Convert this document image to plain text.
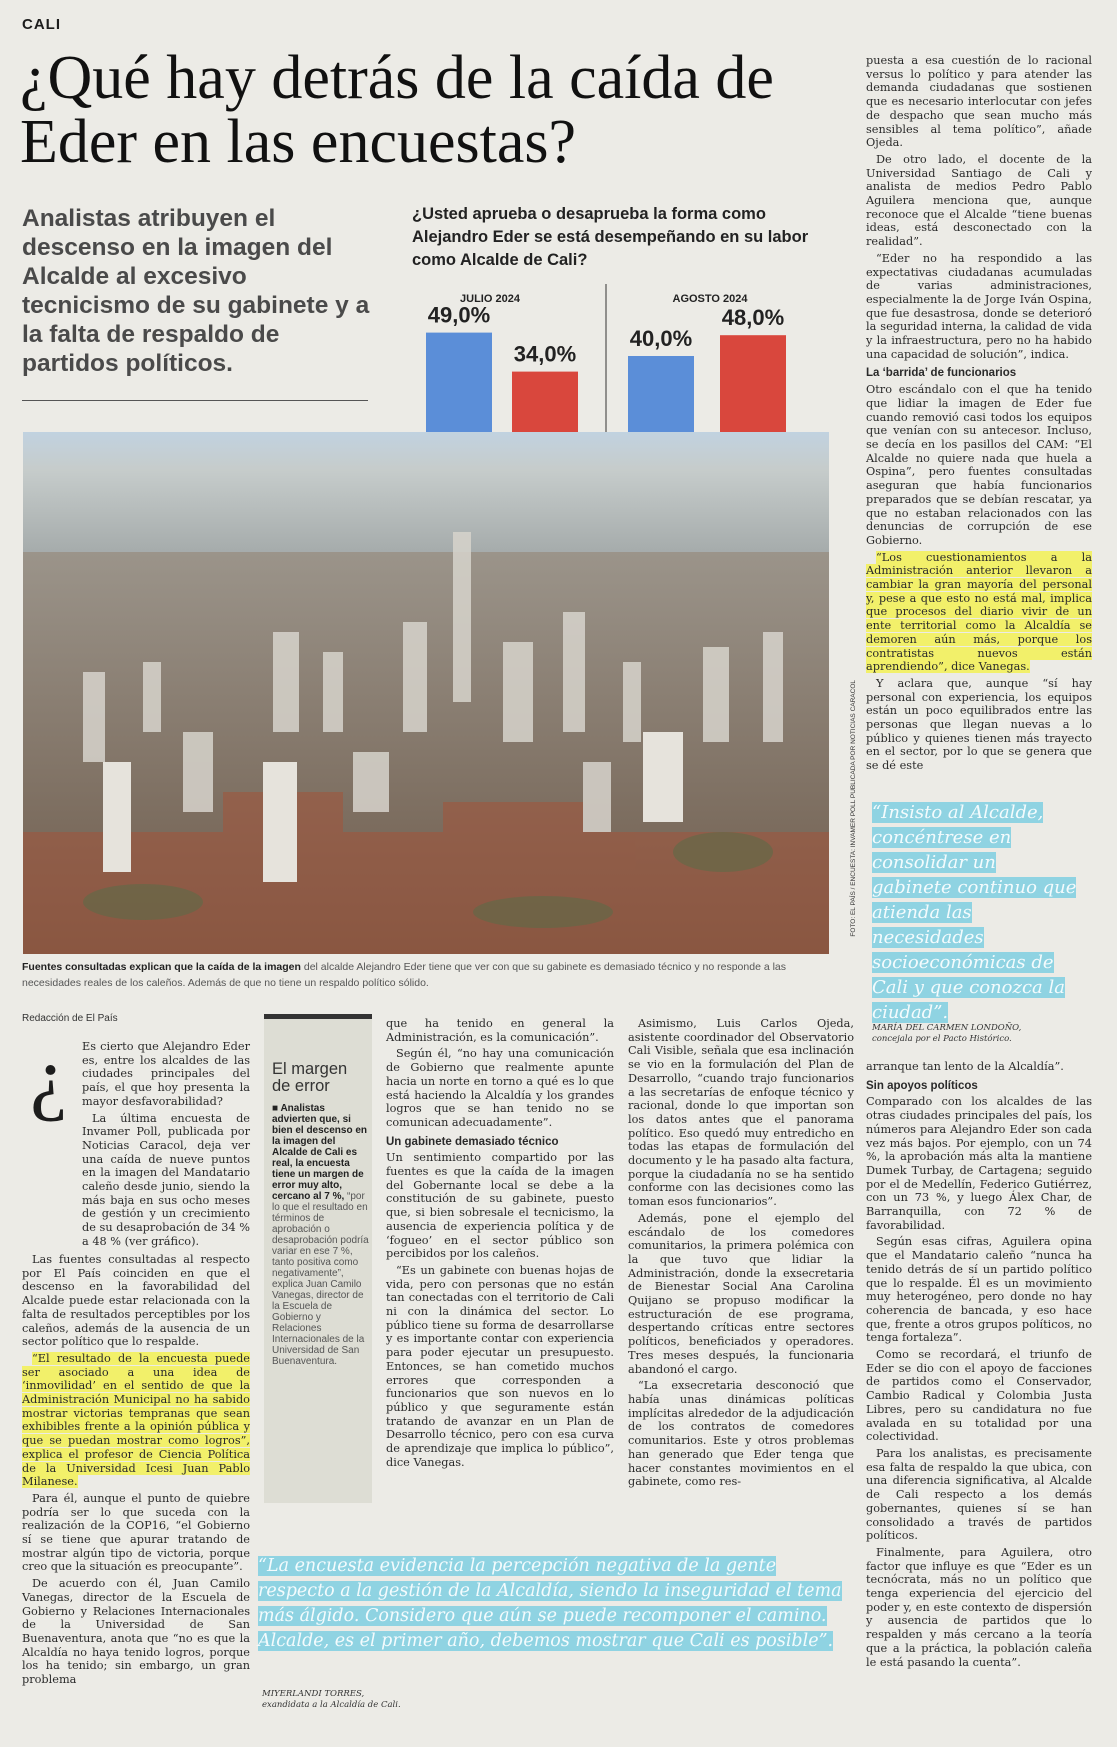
CALI
¿Qué hay detrás de la caída de Eder en las encuestas?
Analistas atribuyen el descenso en la imagen del Alcalde al excesivo tecnicismo de su gabinete y a la falta de respaldo de partidos políticos.
¿Usted aprueba o desaprueba la forma como Alejandro Eder se está desempeñando en su labor como Alcalde de Cali?
JULIO 2024	AGOSTO 2024
49,0%
34,0%
40,0%
48,0%
FOTO: EL PAÍS / ENCUESTA: INVAMER POLL PUBLICADA POR NOTICIAS CARACOL
Fuentes consultadas explican que la caída de la imagen del alcalde Alejandro Eder tiene que ver con que su gabinete es demasiado técnico y no responde a las necesidades reales de los caleños. Además de que no tiene un respaldo político sólido.
Redacción de El País
¿ Es cierto que Alejandro Eder es, entre los alcaldes de las ciudades principales del país, el que hoy presenta la mayor desfavorabilidad?

La última encuesta de Invamer Poll, publicada por Noticias Caracol, deja ver una caída de nueve puntos en la imagen del Mandatario caleño desde junio, siendo la más baja en sus ocho meses de gestión y un crecimiento de su desaprobación de 34 % a 48 % (ver gráfico).

Las fuentes consultadas al respecto por El País coinciden en que el descenso en la favorabilidad del Alcalde puede estar relacionada con la falta de resultados perceptibles por los caleños, además de la ausencia de un sector político que lo respalde.

“El resultado de la encuesta puede ser asociado a una idea de ‘inmovilidad’ en el sentido de que la Administración Municipal no ha sabido mostrar victorias tempranas que sean exhibibles frente a la opinión pública y que se puedan mostrar como logros”, explica el profesor de Ciencia Política de la Universidad Icesi Juan Pablo Milanese.

Para él, aunque el punto de quiebre podría ser lo que suceda con la realización de la COP16, “el Gobierno sí se tiene que apurar tratando de mostrar algún tipo de victoria, porque creo que la situación es preocupante”.

De acuerdo con él, Juan Camilo Vanegas, director de la Escuela de Gobierno y Relaciones Internacionales de la Universidad de San Buenaventura, anota que “no es que la Alcaldía no haya tenido logros, porque los ha tenido; sin embargo, un gran problema

El margen de error
■ Analistas advierten que, si bien el descenso en la imagen del Alcalde de Cali es real, la encuesta tiene un margen de error muy alto, cercano al 7 %, “por lo que el resultado en términos de aprobación o desaprobación podría variar en ese 7 %, tanto positiva como negativamente”, explica Juan Camilo Vanegas, director de la Escuela de Gobierno y Relaciones Internacionales de la Universidad de San Buenaventura.

que ha tenido en general la Administración, es la comunicación”.

Según él, “no hay una comunicación de Gobierno que realmente apunte hacia un norte en torno a qué es lo que está haciendo la Alcaldía y los grandes logros que se han tenido no se comunican adecuadamente”.

Un gabinete demasiado técnico

Un sentimiento compartido por las fuentes es que la caída de la imagen del Gobernante local se debe a la constitución de su gabinete, puesto que, si bien sobresale el tecnicismo, la ausencia de experiencia política y de ‘fogueo’ en el sector público son percibidos por los caleños.

“Es un gabinete con buenas hojas de vida, pero con personas que no están tan conectadas con el territorio de Cali ni con la dinámica del sector. Lo público tiene su forma de desarrollarse y es importante contar con experiencia para poder ejecutar un presupuesto. Entonces, se han cometido muchos errores que corresponden a funcionarios que son nuevos en lo público y que seguramente están tratando de avanzar en un Plan de Desarrollo técnico, pero con esa curva de aprendizaje que implica lo público”, dice Vanegas.

Asimismo, Luis Carlos Ojeda, asistente coordinador del Observatorio Cali Visible, señala que esa inclinación se vio en la formulación del Plan de Desarrollo, “cuando trajo funcionarios a las secretarías de enfoque técnico y racional, donde lo que importan son los datos antes que el panorama político. Eso quedó muy entredicho en todas las etapas de formulación del documento y le ha pasado alta factura, porque la ciudadanía no se ha sentido conforme con las decisiones como las toman esos funcionarios”.

Además, pone el ejemplo del escándalo de los comedores comunitarios, la primera polémica con la que tuvo que lidiar la Administración, donde la exsecretaria de Bienestar Social Ana Carolina Quijano se propuso modificar la estructuración de ese programa, despertando críticas entre sectores políticos, beneficiados y operadores. Tres meses después, la funcionaria abandonó el cargo.

“La exsecretaria desconoció que había unas dinámicas políticas implícitas alrededor de la adjudicación de los contratos de comedores comunitarios. Este y otros problemas han generado que Eder tenga que hacer constantes movimientos en el gabinete, como res-

puesta a esa cuestión de lo racional versus lo político y para atender las demanda ciudadanas que sostienen que es necesario interlocutar con jefes de despacho que sean mucho más sensibles al tema político”, añade Ojeda.

De otro lado, el docente de la Universidad Santiago de Cali y analista de medios Pedro Pablo Aguilera menciona que, aunque reconoce que el Alcalde “tiene buenas ideas, está desconectado con la realidad”.

“Eder no ha respondido a las expectativas ciudadanas acumuladas de varias administraciones, especialmente la de Jorge Iván Ospina, que fue desastrosa, donde se deterioró la seguridad interna, la calidad de vida y la infraestructura, pero no ha habido una capacidad de solución”, indica.

La ‘barrida’ de funcionarios

Otro escándalo con el que ha tenido que lidiar la imagen de Eder fue cuando removió casi todos los equipos que venían con su antecesor. Incluso, se decía en los pasillos del CAM: “El Alcalde no quiere nada que huela a Ospina”, pero fuentes consultadas aseguran que había funcionarios preparados que se debían rescatar, ya que no estaban relacionados con las denuncias de corrupción de ese Gobierno.

“Los cuestionamientos a la Administración anterior llevaron a cambiar la gran mayoría del personal y, pese a que esto no está mal, implica que procesos del diario vivir de un ente territorial como la Alcaldía se demoren aún más, porque los contratistas nuevos están aprendiendo”, dice Vanegas.

Y aclara que, aunque “sí hay personal con experiencia, los equipos están un poco equilibrados entre las personas que llegan nuevas a lo público y quienes tienen más trayecto en el sector, por lo que se genera que se dé este

“Insisto al Alcalde, concéntrese en consolidar un gabinete continuo que atienda las necesidades socioeconómicas de Cali y que conozca la ciudad”.
MARÍA DEL CARMEN LONDOÑO,
concejala por el Pacto Histórico.

arranque tan lento de la Alcaldía”.

Sin apoyos políticos

Comparado con los alcaldes de las otras ciudades principales del país, los números para Alejandro Eder son cada vez más bajos. Por ejemplo, con un 74 %, la aprobación más alta la mantiene Dumek Turbay, de Cartagena; seguido por el de Medellín, Federico Gutiérrez, con un 73 %, y luego Álex Char, de Barranquilla, con 72 % de favorabilidad.

Según esas cifras, Aguilera opina que el Mandatario caleño “nunca ha tenido detrás de sí un partido político que lo respalde. Él es un movimiento muy heterogéneo, pero donde no hay coherencia de bancada, y eso hace que, frente a otros grupos políticos, no tenga fortaleza”.

Como se recordará, el triunfo de Eder se dio con el apoyo de facciones de partidos como el Conservador, Cambio Radical y Colombia Justa Libres, pero su candidatura no fue avalada en su totalidad por una colectividad.

Para los analistas, es precisamente esa falta de respaldo la que ubica, con una diferencia significativa, al Alcalde de Cali respecto a los demás gobernantes, quienes sí se han consolidado a través de partidos políticos.

Finalmente, para Aguilera, otro factor que influye es que “Eder es un tecnócrata, más no un político que tenga experiencia del ejercicio del poder y, en este contexto de dispersión y ausencia de partidos que lo respalden y más cercano a la teoría que a la práctica, la población caleña le está pasando la cuenta”.

“La encuesta evidencia la percepción negativa de la gente respecto a la gestión de la Alcaldía, siendo la inseguridad el tema más álgido. Considero que aún se puede recomponer el camino. Alcalde, es el primer año, debemos mostrar que Cali es posible”.
MIYERLANDI TORRES,
exandidata a la Alcaldía de Cali.
